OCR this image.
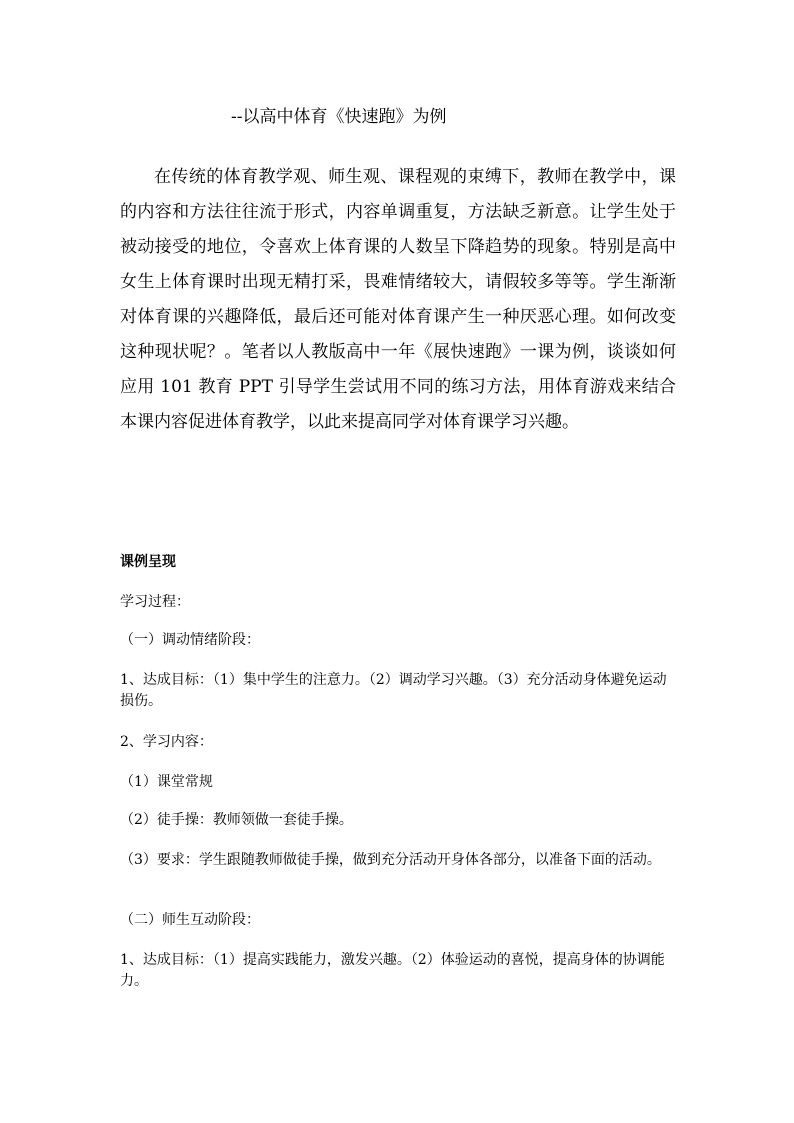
--以高中体育《快速跑》为例

在传统的体育教学观、师生观、课程观的束缚下，教师在教学中，课的内容和方法往往流于形式，内容单调重复，方法缺乏新意。让学生处于被动接受的地位，令喜欢上体育课的人数呈下降趋势的现象。特别是高中女生上体育课时出现无精打采，畏难情绪较大，请假较多等等。学生渐渐对体育课的兴趣降低，最后还可能对体育课产生一种厌恶心理。如何改变这种现状呢？。笔者以人教版高中一年《展快速跑》一课为例，谈谈如何应用 101 教育 PPT 引导学生尝试用不同的练习方法，用体育游戏来结合本课内容促进体育教学，以此来提高同学对体育课学习兴趣。

课例呈现

学习过程：

（一）调动情绪阶段：

1、达成目标：（1）集中学生的注意力。（2）调动学习兴趣。（3）充分活动身体避免运动损伤。

2、学习内容：

（1）课堂常规

（2）徒手操：教师领做一套徒手操。

（3）要求：学生跟随教师做徒手操，做到充分活动开身体各部分，以准备下面的活动。

（二）师生互动阶段：

1、达成目标：（1）提高实践能力，激发兴趣。（2）体验运动的喜悦，提高身体的协调能力。
